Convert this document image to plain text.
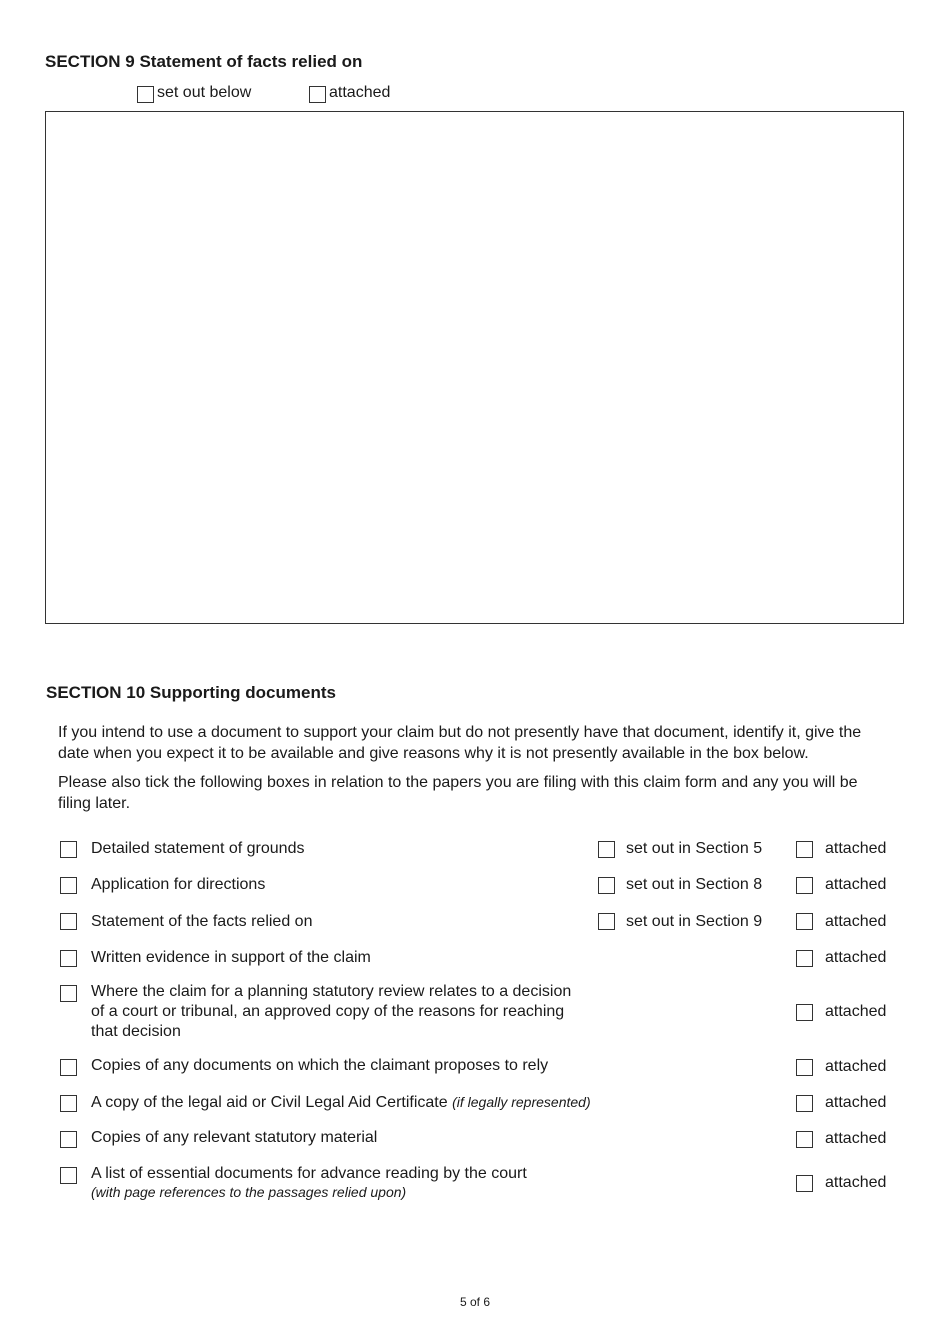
SECTION 9 Statement of facts relied on
set out below	attached
SECTION 10 Supporting documents
If you intend to use a document to support your claim but do not presently have that document, identify it, give the
date when you expect it to be available and give reasons why it is not presently available in the box below.
Please also tick the following boxes in relation to the papers you are filing with this claim form and any you will be
filing later.
Detailed statement of grounds	set out in Section 5	attached
Application for directions	set out in Section 8	attached
Statement of the facts relied on	set out in Section 9	attached
Written evidence in support of the claim	attached
Where the claim for a planning statutory review relates to a decision
of a court or tribunal, an approved copy of the reasons for reaching
that decision
attached
Copies of any documents on which the claimant proposes to rely	attached
A copy of the legal aid or Civil Legal Aid Certificate (if legally represented)	attached
Copies of any relevant statutory material	attached
A list of essential documents for advance reading by the court
(with page references to the passages relied upon)
attached
5 of 6
